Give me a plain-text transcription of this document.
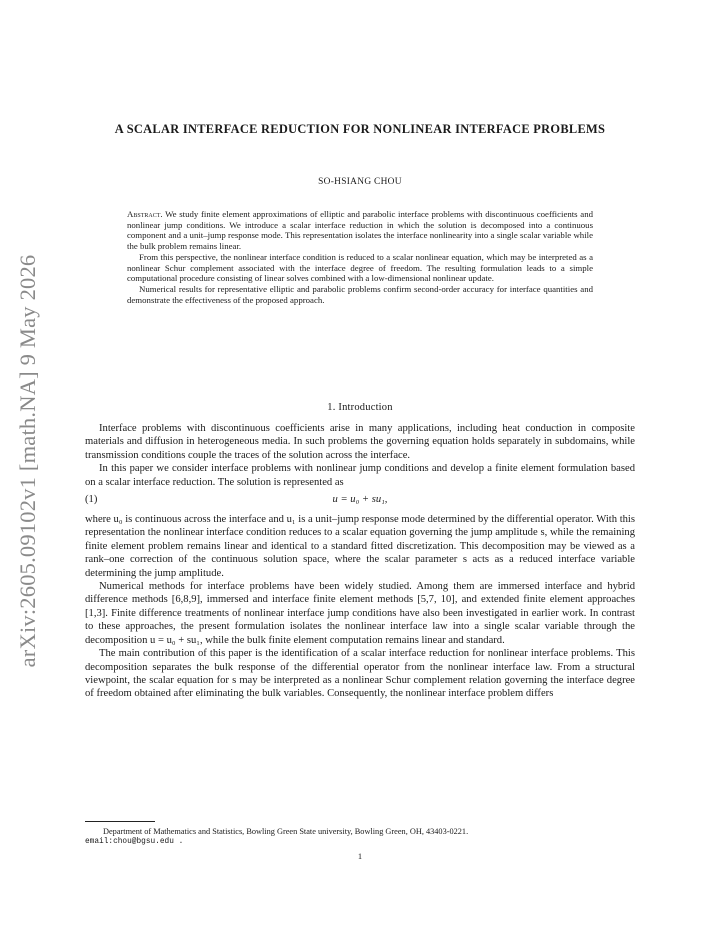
arXiv:2605.09102v1 [math.NA] 9 May 2026
A SCALAR INTERFACE REDUCTION FOR NONLINEAR INTERFACE PROBLEMS
SO-HSIANG CHOU

Abstract. We study finite element approximations of elliptic and parabolic interface problems with discontinuous coefficients and nonlinear jump conditions. We introduce a scalar interface reduction in which the solution is decomposed into a continuous component and a unit–jump response mode. This representation isolates the interface nonlinearity into a single scalar variable while the bulk problem remains linear.

From this perspective, the nonlinear interface condition is reduced to a scalar nonlinear equation, which may be interpreted as a nonlinear Schur complement associated with the interface degree of freedom. The resulting formulation leads to a simple computational procedure consisting of linear solves combined with a low-dimensional nonlinear update.

Numerical results for representative elliptic and parabolic problems confirm second-order accuracy for interface quantities and demonstrate the effectiveness of the proposed approach.

1. Introduction

Interface problems with discontinuous coefficients arise in many applications, including heat conduction in composite materials and diffusion in heterogeneous media. In such problems the governing equation holds separately in subdomains, while transmission conditions couple the traces of the solution across the interface.

In this paper we consider interface problems with nonlinear jump conditions and develop a finite element formulation based on a scalar interface reduction. The solution is represented as

(1)	u = u₀ + su₁,

where u₀ is continuous across the interface and u₁ is a unit–jump response mode determined by the differential operator. With this representation the nonlinear interface condition reduces to a scalar equation governing the jump amplitude s, while the remaining finite element problem remains linear and identical to a standard fitted discretization. This decomposition may be viewed as a rank–one correction of the continuous solution space, where the scalar parameter s acts as a reduced interface variable determining the jump amplitude.

Numerical methods for interface problems have been widely studied. Among them are immersed interface and hybrid difference methods [6,8,9], immersed and interface finite element methods [5,7, 10], and extended finite element approaches [1,3]. Finite difference treatments of nonlinear interface jump conditions have also been investigated in earlier work. In contrast to these approaches, the present formulation isolates the nonlinear interface law into a single scalar variable through the decomposition u = u₀ + su₁, while the bulk finite element computation remains linear and standard.

The main contribution of this paper is the identification of a scalar interface reduction for nonlinear interface problems. This decomposition separates the bulk response of the differential operator from the nonlinear interface law. From a structural viewpoint, the scalar equation for s may be interpreted as a nonlinear Schur complement relation governing the interface degree of freedom obtained after eliminating the bulk variables. Consequently, the nonlinear interface problem differs

Department of Mathematics and Statistics, Bowling Green State university, Bowling Green, OH, 43403-0221.
email:chou@bgsu.edu .
1
